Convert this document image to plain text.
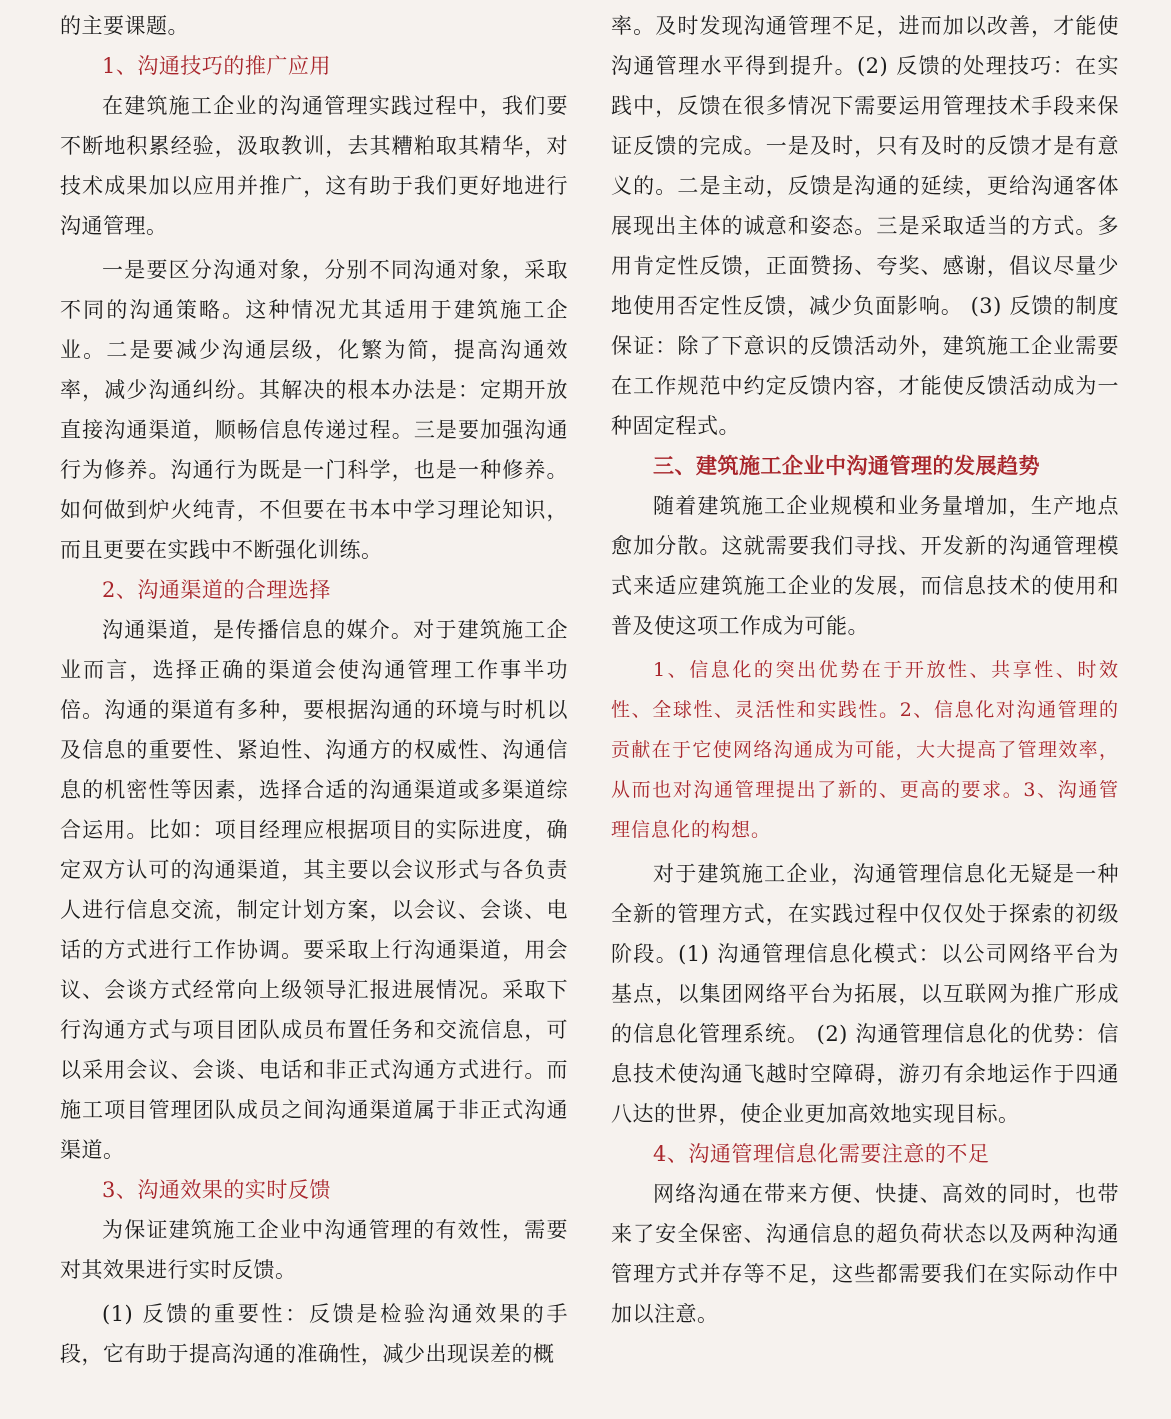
的主要课题。

1、沟通技巧的推广应用

在建筑施工企业的沟通管理实践过程中，我们要不断地积累经验，汲取教训，去其糟粕取其精华，对技术成果加以应用并推广，这有助于我们更好地进行沟通管理。

一是要区分沟通对象，分别不同沟通对象，采取不同的沟通策略。这种情况尤其适用于建筑施工企业。二是要减少沟通层级，化繁为简，提高沟通效率，减少沟通纠纷。其解决的根本办法是：定期开放直接沟通渠道，顺畅信息传递过程。三是要加强沟通行为修养。沟通行为既是一门科学，也是一种修养。如何做到炉火纯青，不但要在书本中学习理论知识，而且更要在实践中不断强化训练。

2、沟通渠道的合理选择

沟通渠道，是传播信息的媒介。对于建筑施工企业而言，选择正确的渠道会使沟通管理工作事半功倍。沟通的渠道有多种，要根据沟通的环境与时机以及信息的重要性、紧迫性、沟通方的权威性、沟通信息的机密性等因素，选择合适的沟通渠道或多渠道综合运用。比如：项目经理应根据项目的实际进度，确定双方认可的沟通渠道，其主要以会议形式与各负责人进行信息交流，制定计划方案，以会议、会谈、电话的方式进行工作协调。要采取上行沟通渠道，用会议、会谈方式经常向上级领导汇报进展情况。采取下行沟通方式与项目团队成员布置任务和交流信息，可以采用会议、会谈、电话和非正式沟通方式进行。而施工项目管理团队成员之间沟通渠道属于非正式沟通渠道。

3、沟通效果的实时反馈

为保证建筑施工企业中沟通管理的有效性，需要对其效果进行实时反馈。

(1) 反馈的重要性：反馈是检验沟通效果的手段，它有助于提高沟通的准确性，减少出现误差的概

率。及时发现沟通管理不足，进而加以改善，才能使沟通管理水平得到提升。(2) 反馈的处理技巧：在实践中，反馈在很多情况下需要运用管理技术手段来保证反馈的完成。一是及时，只有及时的反馈才是有意义的。二是主动，反馈是沟通的延续，更给沟通客体展现出主体的诚意和姿态。三是采取适当的方式。多用肯定性反馈，正面赞扬、夸奖、感谢，倡议尽量少地使用否定性反馈，减少负面影响。 (3) 反馈的制度保证：除了下意识的反馈活动外，建筑施工企业需要在工作规范中约定反馈内容，才能使反馈活动成为一种固定程式。

三、建筑施工企业中沟通管理的发展趋势

随着建筑施工企业规模和业务量增加，生产地点愈加分散。这就需要我们寻找、开发新的沟通管理模式来适应建筑施工企业的发展，而信息技术的使用和普及使这项工作成为可能。

1、信息化的突出优势在于开放性、共享性、时效性、全球性、灵活性和实践性。2、信息化对沟通管理的贡献在于它使网络沟通成为可能，大大提高了管理效率，从而也对沟通管理提出了新的、更高的要求。3、沟通管理信息化的构想。

对于建筑施工企业，沟通管理信息化无疑是一种全新的管理方式，在实践过程中仅仅处于探索的初级阶段。(1) 沟通管理信息化模式：以公司网络平台为基点，以集团网络平台为拓展，以互联网为推广形成的信息化管理系统。 (2) 沟通管理信息化的优势：信息技术使沟通飞越时空障碍，游刃有余地运作于四通八达的世界，使企业更加高效地实现目标。

4、沟通管理信息化需要注意的不足

网络沟通在带来方便、快捷、高效的同时，也带来了安全保密、沟通信息的超负荷状态以及两种沟通管理方式并存等不足，这些都需要我们在实际动作中加以注意。
